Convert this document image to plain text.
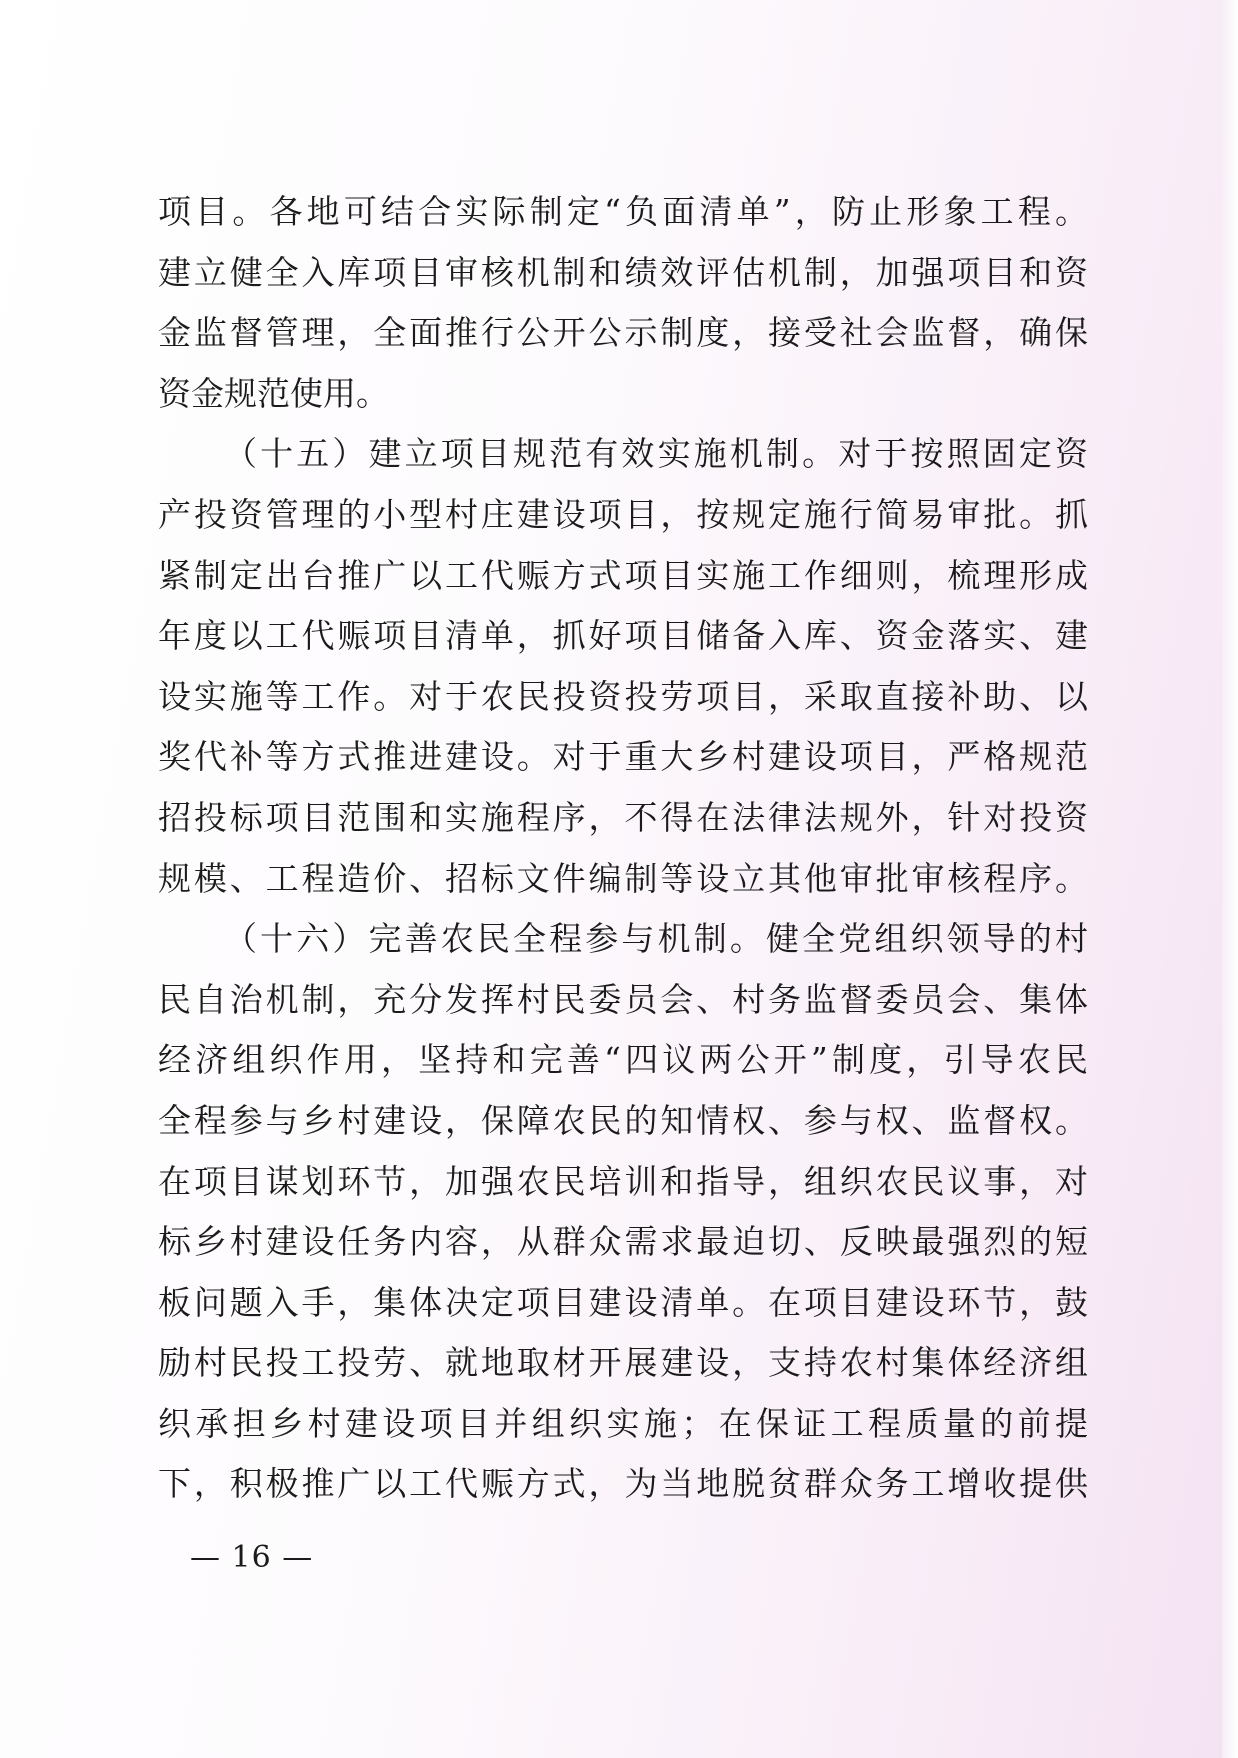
项目。各地可结合实际制定“负面清单”，防止形象工程。
建立健全入库项目审核机制和绩效评估机制，加强项目和资
金监督管理，全面推行公开公示制度，接受社会监督，确保
资金规范使用。
（十五）建立项目规范有效实施机制。对于按照固定资
产投资管理的小型村庄建设项目，按规定施行简易审批。抓
紧制定出台推广以工代赈方式项目实施工作细则，梳理形成
年度以工代赈项目清单，抓好项目储备入库、资金落实、建
设实施等工作。对于农民投资投劳项目，采取直接补助、以
奖代补等方式推进建设。对于重大乡村建设项目，严格规范
招投标项目范围和实施程序，不得在法律法规外，针对投资
规模、工程造价、招标文件编制等设立其他审批审核程序。
（十六）完善农民全程参与机制。健全党组织领导的村
民自治机制，充分发挥村民委员会、村务监督委员会、集体
经济组织作用，坚持和完善“四议两公开”制度，引导农民
全程参与乡村建设，保障农民的知情权、参与权、监督权。
在项目谋划环节，加强农民培训和指导，组织农民议事，对
标乡村建设任务内容，从群众需求最迫切、反映最强烈的短
板问题入手，集体决定项目建设清单。在项目建设环节，鼓
励村民投工投劳、就地取材开展建设，支持农村集体经济组
织承担乡村建设项目并组织实施；在保证工程质量的前提
下，积极推广以工代赈方式，为当地脱贫群众务工增收提供
— 16 —
